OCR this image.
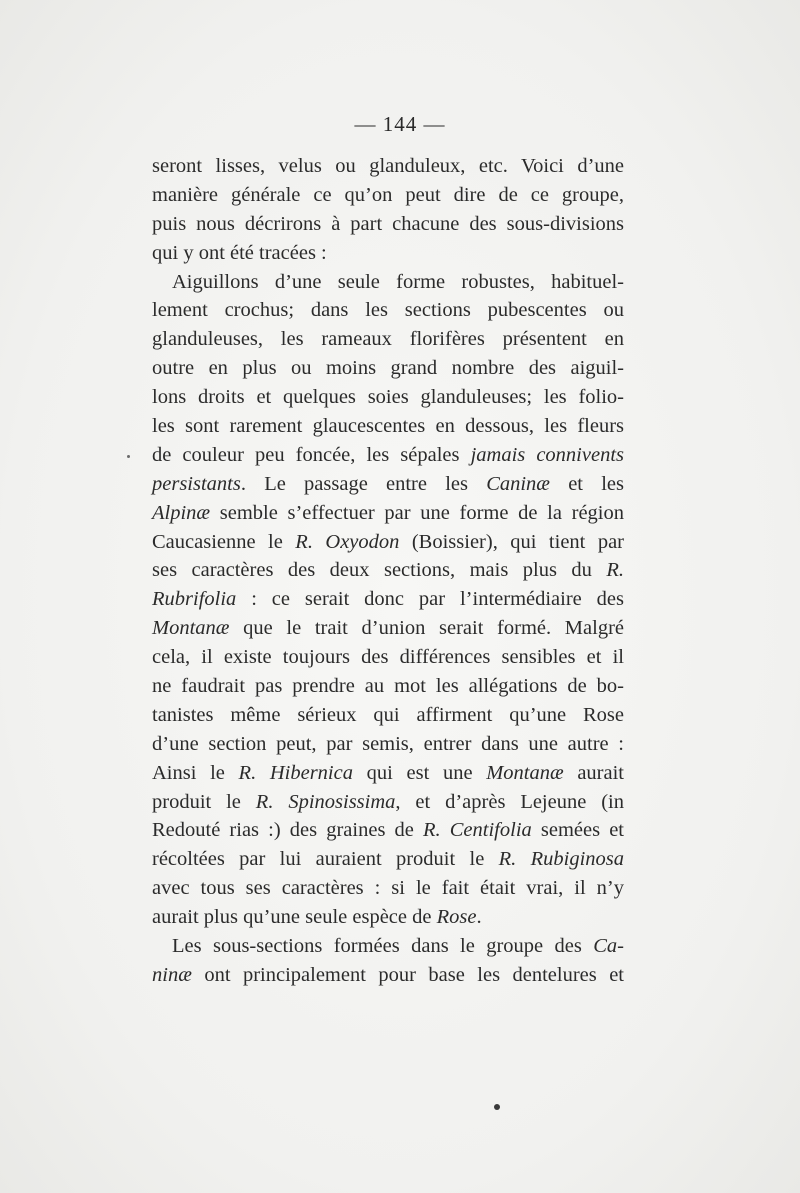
— 144 —
seront lisses, velus ou glanduleux, etc. Voici d’une
manière générale ce qu’on peut dire de ce groupe,
puis nous décrirons à part chacune des sous-divisions
qui y ont été tracées :
Aiguillons d’une seule forme robustes, habituel-
lement crochus; dans les sections pubescentes ou
glanduleuses, les rameaux florifères présentent en
outre en plus ou moins grand nombre des aiguil-
lons droits et quelques soies glanduleuses; les folio-
les sont rarement glaucescentes en dessous, les fleurs
de couleur peu foncée, les sépales jamais connivents
persistants. Le passage entre les Caninæ et les
Alpinæ semble s’effectuer par une forme de la région
Caucasienne le R. Oxyodon (Boissier), qui tient par
ses caractères des deux sections, mais plus du R.
Rubrifolia : ce serait donc par l’intermédiaire des
Montanæ que le trait d’union serait formé. Malgré
cela, il existe toujours des différences sensibles et il
ne faudrait pas prendre au mot les allégations de bo-
tanistes même sérieux qui affirment qu’une Rose
d’une section peut, par semis, entrer dans une autre :
Ainsi le R. Hibernica qui est une Montanæ aurait
produit le R. Spinosissima, et d’après Lejeune (in
Redouté rias :) des graines de R. Centifolia semées et
récoltées par lui auraient produit le R. Rubiginosa
avec tous ses caractères : si le fait était vrai, il n’y
aurait plus qu’une seule espèce de Rose.
Les sous-sections formées dans le groupe des Ca-
ninæ ont principalement pour base les dentelures et
